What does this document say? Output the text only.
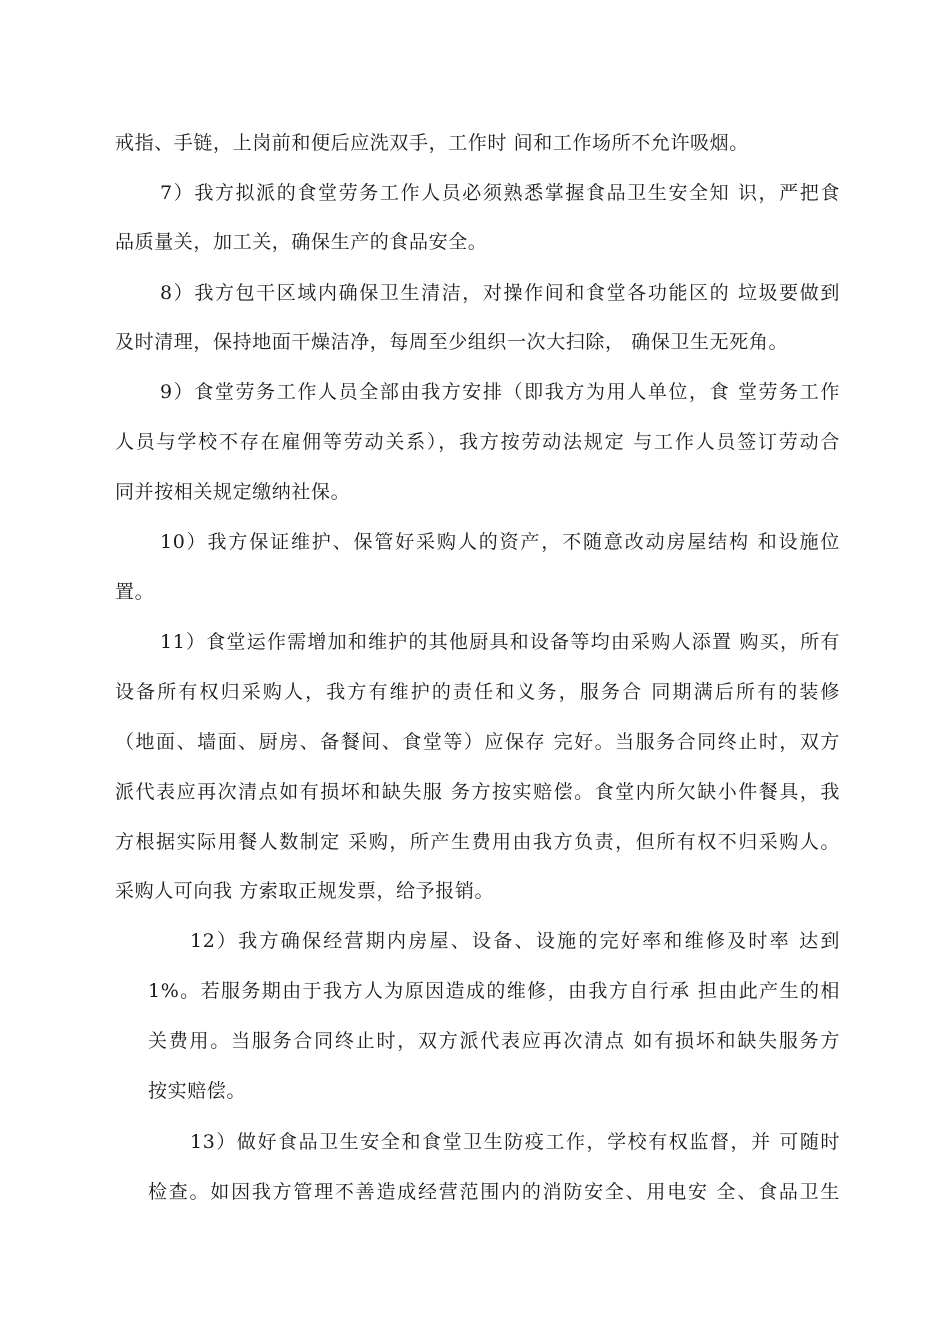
戒指、手链，上岗前和便后应洗双手，工作时 间和工作场所不允许吸烟。
7）我方拟派的食堂劳务工作人员必须熟悉掌握食品卫生安全知 识，严把食
品质量关，加工关，确保生产的食品安全。
8）我方包干区域内确保卫生清洁，对操作间和食堂各功能区的 垃圾要做到
及时清理，保持地面干燥洁净，每周至少组织一次大扫除， 确保卫生无死角。
9）食堂劳务工作人员全部由我方安排（即我方为用人单位，食 堂劳务工作
人员与学校不存在雇佣等劳动关系），我方按劳动法规定 与工作人员签订劳动合
同并按相关规定缴纳社保。
10）我方保证维护、保管好采购人的资产，不随意改动房屋结构 和设施位
置。
11）食堂运作需增加和维护的其他厨具和设备等均由采购人添置 购买，所有
设备所有权归采购人，我方有维护的责任和义务，服务合 同期满后所有的装修
（地面、墙面、厨房、备餐间、食堂等）应保存 完好。当服务合同终止时，双方
派代表应再次清点如有损坏和缺失服 务方按实赔偿。食堂内所欠缺小件餐具，我
方根据实际用餐人数制定 采购，所产生费用由我方负责，但所有权不归采购人。
采购人可向我 方索取正规发票，给予报销。
12）我方确保经营期内房屋、设备、设施的完好率和维修及时率 达到
1%。若服务期由于我方人为原因造成的维修，由我方自行承 担由此产生的相
关费用。当服务合同终止时，双方派代表应再次清点 如有损坏和缺失服务方
按实赔偿。
13）做好食品卫生安全和食堂卫生防疫工作，学校有权监督，并 可随时
检查。如因我方管理不善造成经营范围内的消防安全、用电安 全、食品卫生
